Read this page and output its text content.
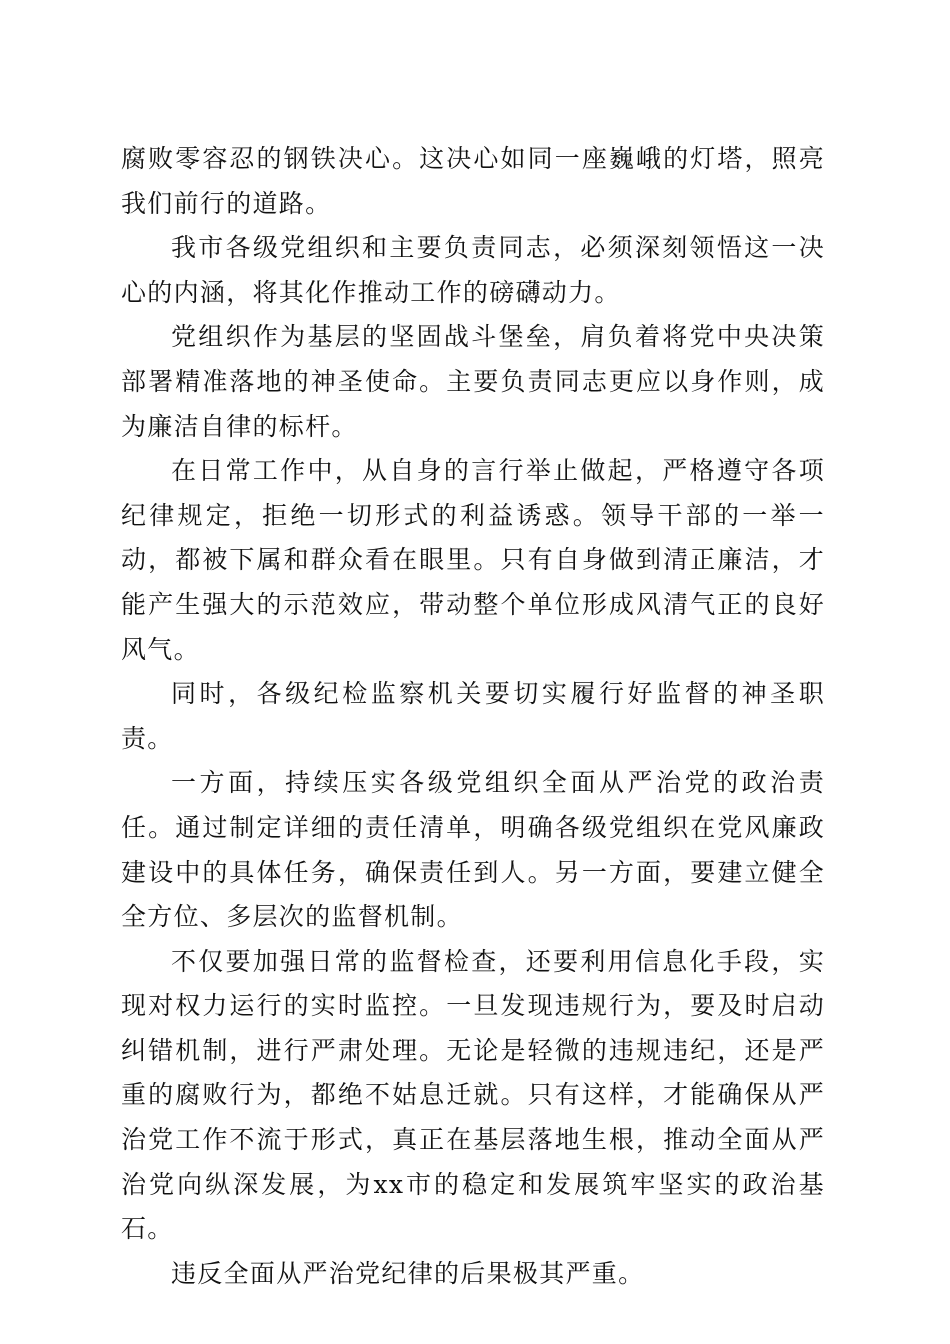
腐败零容忍的钢铁决心。这决心如同一座巍峨的灯塔，照亮我们前行的道路。

我市各级党组织和主要负责同志，必须深刻领悟这一决心的内涵，将其化作推动工作的磅礴动力。

党组织作为基层的坚固战斗堡垒，肩负着将党中央决策部署精准落地的神圣使命。主要负责同志更应以身作则，成为廉洁自律的标杆。

在日常工作中，从自身的言行举止做起，严格遵守各项纪律规定，拒绝一切形式的利益诱惑。领导干部的一举一动，都被下属和群众看在眼里。只有自身做到清正廉洁，才能产生强大的示范效应，带动整个单位形成风清气正的良好风气。

同时，各级纪检监察机关要切实履行好监督的神圣职责。

一方面，持续压实各级党组织全面从严治党的政治责任。通过制定详细的责任清单，明确各级党组织在党风廉政建设中的具体任务，确保责任到人。另一方面，要建立健全全方位、多层次的监督机制。

不仅要加强日常的监督检查，还要利用信息化手段，实现对权力运行的实时监控。一旦发现违规行为，要及时启动纠错机制，进行严肃处理。无论是轻微的违规违纪，还是严重的腐败行为，都绝不姑息迁就。只有这样，才能确保从严治党工作不流于形式，真正在基层落地生根，推动全面从严治党向纵深发展，为xx市的稳定和发展筑牢坚实的政治基石。

违反全面从严治党纪律的后果极其严重。
